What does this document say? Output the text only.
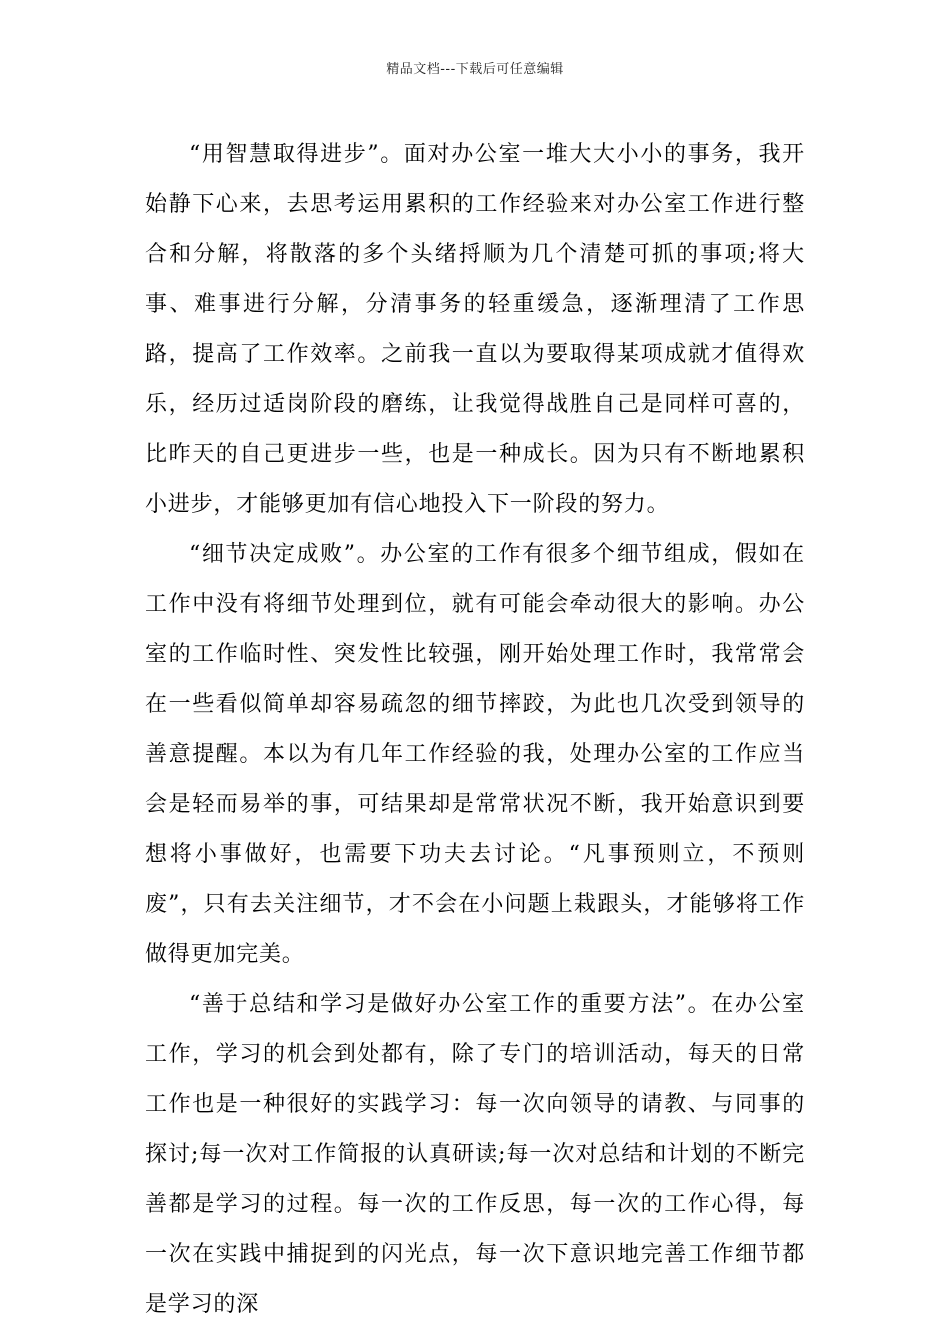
精品文档---下载后可任意编辑

“用智慧取得进步”。面对办公室一堆大大小小的事务，我开始静下心来，去思考运用累积的工作经验来对办公室工作进行整合和分解，将散落的多个头绪捋顺为几个清楚可抓的事项;将大事、难事进行分解，分清事务的轻重缓急，逐渐理清了工作思路，提高了工作效率。之前我一直以为要取得某项成就才值得欢乐，经历过适岗阶段的磨练，让我觉得战胜自己是同样可喜的，比昨天的自己更进步一些，也是一种成长。因为只有不断地累积小进步，才能够更加有信心地投入下一阶段的努力。

“细节决定成败”。办公室的工作有很多个细节组成，假如在工作中没有将细节处理到位，就有可能会牵动很大的影响。办公室的工作临时性、突发性比较强，刚开始处理工作时，我常常会在一些看似简单却容易疏忽的细节摔跤，为此也几次受到领导的善意提醒。本以为有几年工作经验的我，处理办公室的工作应当会是轻而易举的事，可结果却是常常状况不断，我开始意识到要想将小事做好，也需要下功夫去讨论。“凡事预则立，不预则废”，只有去关注细节，才不会在小问题上栽跟头，才能够将工作做得更加完美。

“善于总结和学习是做好办公室工作的重要方法”。在办公室工作，学习的机会到处都有，除了专门的培训活动，每天的日常工作也是一种很好的实践学习：每一次向领导的请教、与同事的探讨;每一次对工作简报的认真研读;每一次对总结和计划的不断完善都是学习的过程。每一次的工作反思，每一次的工作心得，每一次在实践中捕捉到的闪光点，每一次下意识地完善工作细节都是学习的深
